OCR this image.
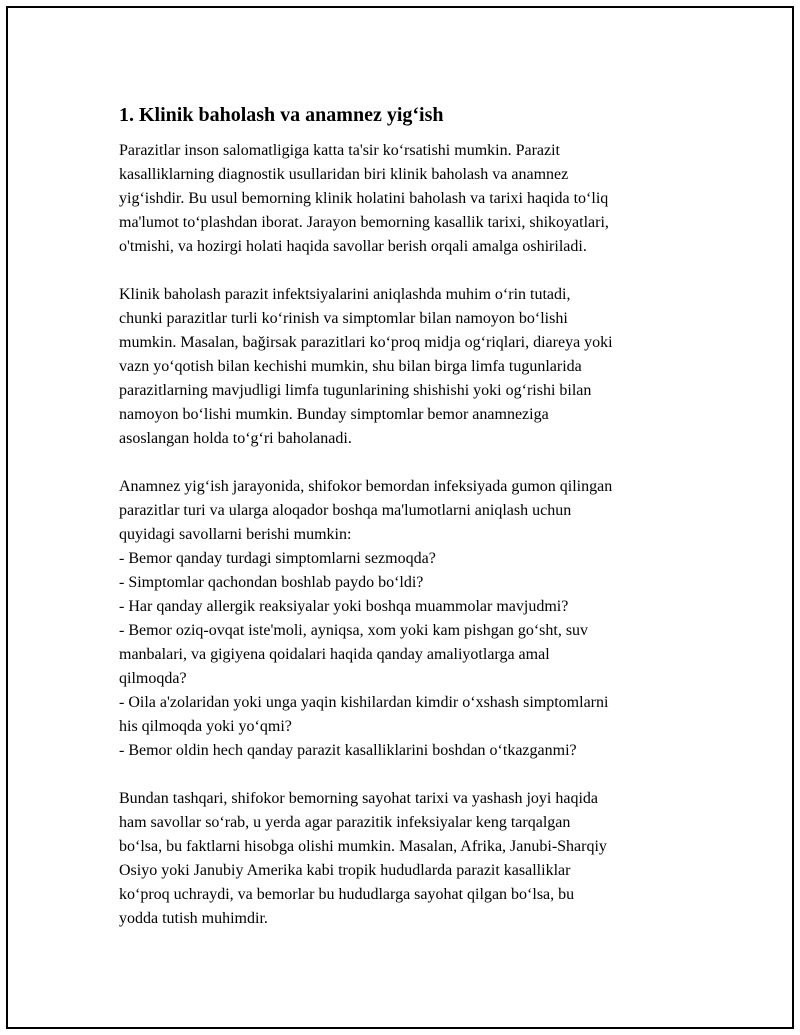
1. Klinik baholash va anamnez yig‘ish

Parazitlar inson salomatligiga katta ta'sir ko‘rsatishi mumkin. Parazit
kasalliklarning diagnostik usullaridan biri klinik baholash va anamnez
yig‘ishdir. Bu usul bemorning klinik holatini baholash va tarixi haqida to‘liq
ma'lumot to‘plashdan iborat. Jarayon bemorning kasallik tarixi, shikoyatlari,
o'tmishi, va hozirgi holati haqida savollar berish orqali amalga oshiriladi.

Klinik baholash parazit infektsiyalarini aniqlashda muhim o‘rin tutadi,
chunki parazitlar turli ko‘rinish va simptomlar bilan namoyon bo‘lishi
mumkin. Masalan, bağirsak parazitlari ko‘proq midja og‘riqlari, diareya yoki
vazn yo‘qotish bilan kechishi mumkin, shu bilan birga limfa tugunlarida
parazitlarning mavjudligi limfa tugunlarining shishishi yoki og‘rishi bilan
namoyon bo‘lishi mumkin. Bunday simptomlar bemor anamneziga
asoslangan holda to‘g‘ri baholanadi.

Anamnez yig‘ish jarayonida, shifokor bemordan infeksiyada gumon qilingan
parazitlar turi va ularga aloqador boshqa ma'lumotlarni aniqlash uchun
quyidagi savollarni berishi mumkin:
- Bemor qanday turdagi simptomlarni sezmoqda?
- Simptomlar qachondan boshlab paydo bo‘ldi?
- Har qanday allergik reaksiyalar yoki boshqa muammolar mavjudmi?
- Bemor oziq-ovqat iste'moli, ayniqsa, xom yoki kam pishgan go‘sht, suv
manbalari, va gigiyena qoidalari haqida qanday amaliyotlarga amal
qilmoqda?
- Oila a'zolaridan yoki unga yaqin kishilardan kimdir o‘xshash simptomlarni
his qilmoqda yoki yo‘qmi?
- Bemor oldin hech qanday parazit kasalliklarini boshdan o‘tkazganmi?

Bundan tashqari, shifokor bemorning sayohat tarixi va yashash joyi haqida
ham savollar so‘rab, u yerda agar parazitik infeksiyalar keng tarqalgan
bo‘lsa, bu faktlarni hisobga olishi mumkin. Masalan, Afrika, Janubi-Sharqiy
Osiyo yoki Janubiy Amerika kabi tropik hududlarda parazit kasalliklar
ko‘proq uchraydi, va bemorlar bu hududlarga sayohat qilgan bo‘lsa, bu
yodda tutish muhimdir.
